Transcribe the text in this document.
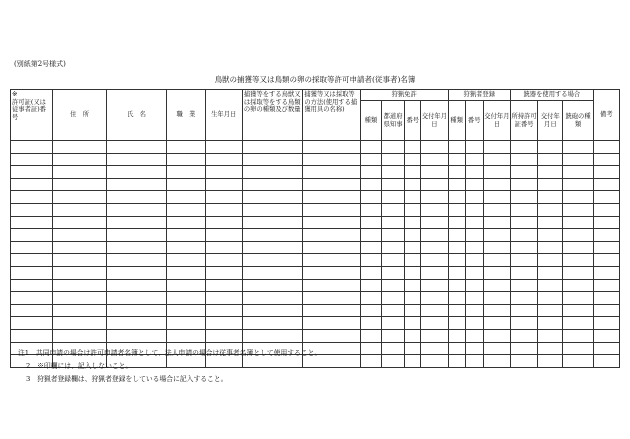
(別紙第2号様式)
鳥獣の捕獲等又は鳥類の卵の採取等許可申請者(従事者)名簿
※
許可証(又は従事者証)番号	住　所	氏　名	職　業	生年月日	捕獲等をする鳥獣又は採取等をする鳥類の卵の種類及び数量	捕獲等又は採取等の方法(使用する捕獲用具の名称)	狩猟免許				狩猟者登録			銃器を使用する場合			備考
							種類	都道府県知事	番号	交付年月日	種類	番号	交付年月日	所持許可証番号	交付年月日	銃砲の種類	

注1　共同申請の場合は許可申請者名簿として、法人申請の場合は従事者名簿として使用すること。
2　※印欄には、記入しないこと。
3　狩猟者登録欄は、狩猟者登録をしている場合に記入すること。
